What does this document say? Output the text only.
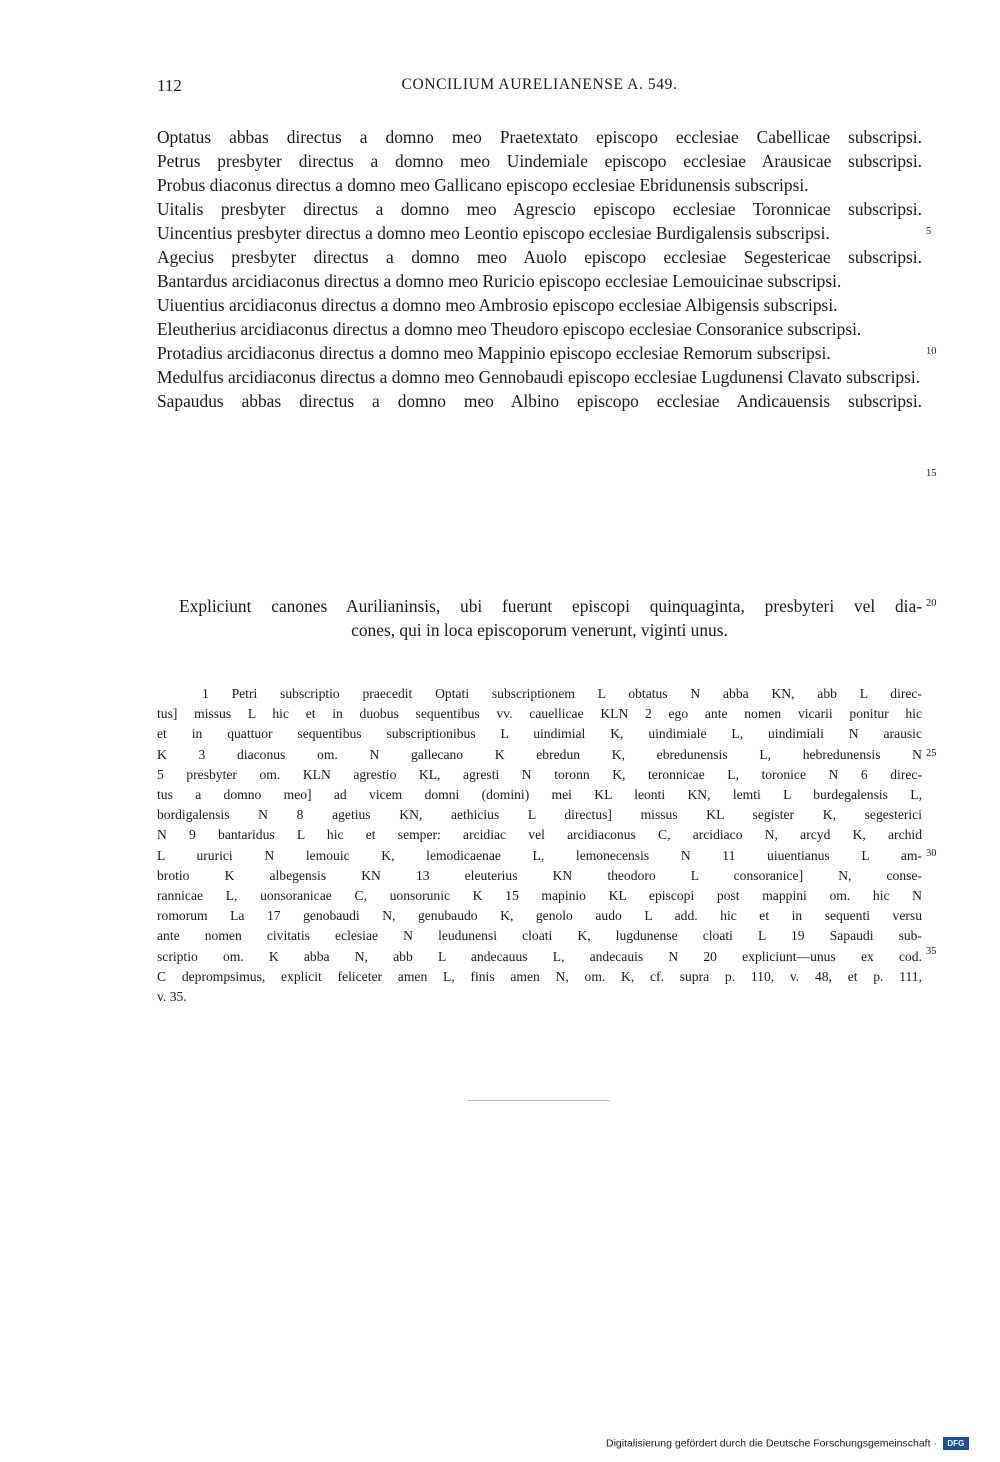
112	CONCILIUM AURELIANENSE A. 549.
Optatus abbas directus a domno meo Praetextato episcopo ecclesiae Cabellicae subscripsi.
Petrus presbyter directus a domno meo Uindemiale episcopo ecclesiae Arausicae subscripsi.
Probus diaconus directus a domno meo Gallicano episcopo ecclesiae Ebridunensis subscripsi.
Uitalis presbyter directus a domno meo Agrescio episcopo ecclesiae Toronnicae subscripsi.
Uincentius presbyter directus a domno meo Leontio episcopo ecclesiae Burdigalensis subscripsi.
Agecius presbyter directus a domno meo Auolo episcopo ecclesiae Segestericae subscripsi.
Bantardus arcidiaconus directus a domno meo Ruricio episcopo ecclesiae Lemouicinae subscripsi.
Uiuentius arcidiaconus directus a domno meo Ambrosio episcopo ecclesiae Albigensis subscripsi.
Eleutherius arcidiaconus directus a domno meo Theudoro episcopo ecclesiae Consoranice subscripsi.
Protadius arcidiaconus directus a domno meo Mappinio episcopo ecclesiae Remorum subscripsi.
Medulfus arcidiaconus directus a domno meo Gennobaudi episcopo ecclesiae Lugdunensi Clavato subscripsi.
Sapaudus abbas directus a domno meo Albino episcopo ecclesiae Andicauensis subscripsi.
Expliciunt canones Aurilianinsis, ubi fuerunt episcopi quinquaginta, presbyteri vel dia-
cones, qui in loca episcoporum venerunt, viginti unus.
1 Petri subscriptio praecedit Optati subscriptionem L obtatus N abba KN, abb L direc-
tus] missus L hic et in duobus sequentibus vv. cauellicae KLN 2 ego ante nomen vicarii ponitur hic
et in quattuor sequentibus subscriptionibus L uindimial K, uindimiale L, uindimiali N arausic
K 3 diaconus om. N gallecano K ebredun K, ebredunensis L, hebredunensis N
5 presbyter om. KLN agrestio KL, agresti N toronn K, teronnicae L, toronice N 6 direc-
tus a domno meo] ad vicem domni (domini) mei KL leonti KN, lemti L burdegalensis L,
bordigalensis N 8 agetius KN, aethicius L directus] missus KL segister K, segesterici
N 9 bantaridus L hic et semper: arcidiac vel arcidiaconus C, arcidiaco N, arcyd K, archid
L ururici N lemouic K, lemodicaenae L, lemonecensis N 11 uiuentianus L am-
brotio K albegensis KN 13 eleuterius KN theodoro L consoranice] N, conse-
rannicae L, uonsoranicae C, uonsorunic K 15 mapinio KL episcopi post mappini om. hic N
romorum La 17 genobaudi N, genubaudo K, genolo audo L add. hic et in sequenti versu
ante nomen civitatis eclesiae N leudunensi cloati K, lugdunense cloati L 19 Sapaudi sub-
scriptio om. K abba N, abb L andecauus L, andecauis N 20 expliciunt—unus ex cod.
C deprompsimus, explicit feliceter amen L, finis amen N, om. K, cf. supra p. 110, v. 48, et p. 111,
v. 35.
5
10
15
20
25
30
35
Digitalisierung gefördert durch die Deutsche Forschungsgemeinschaft · DFG
